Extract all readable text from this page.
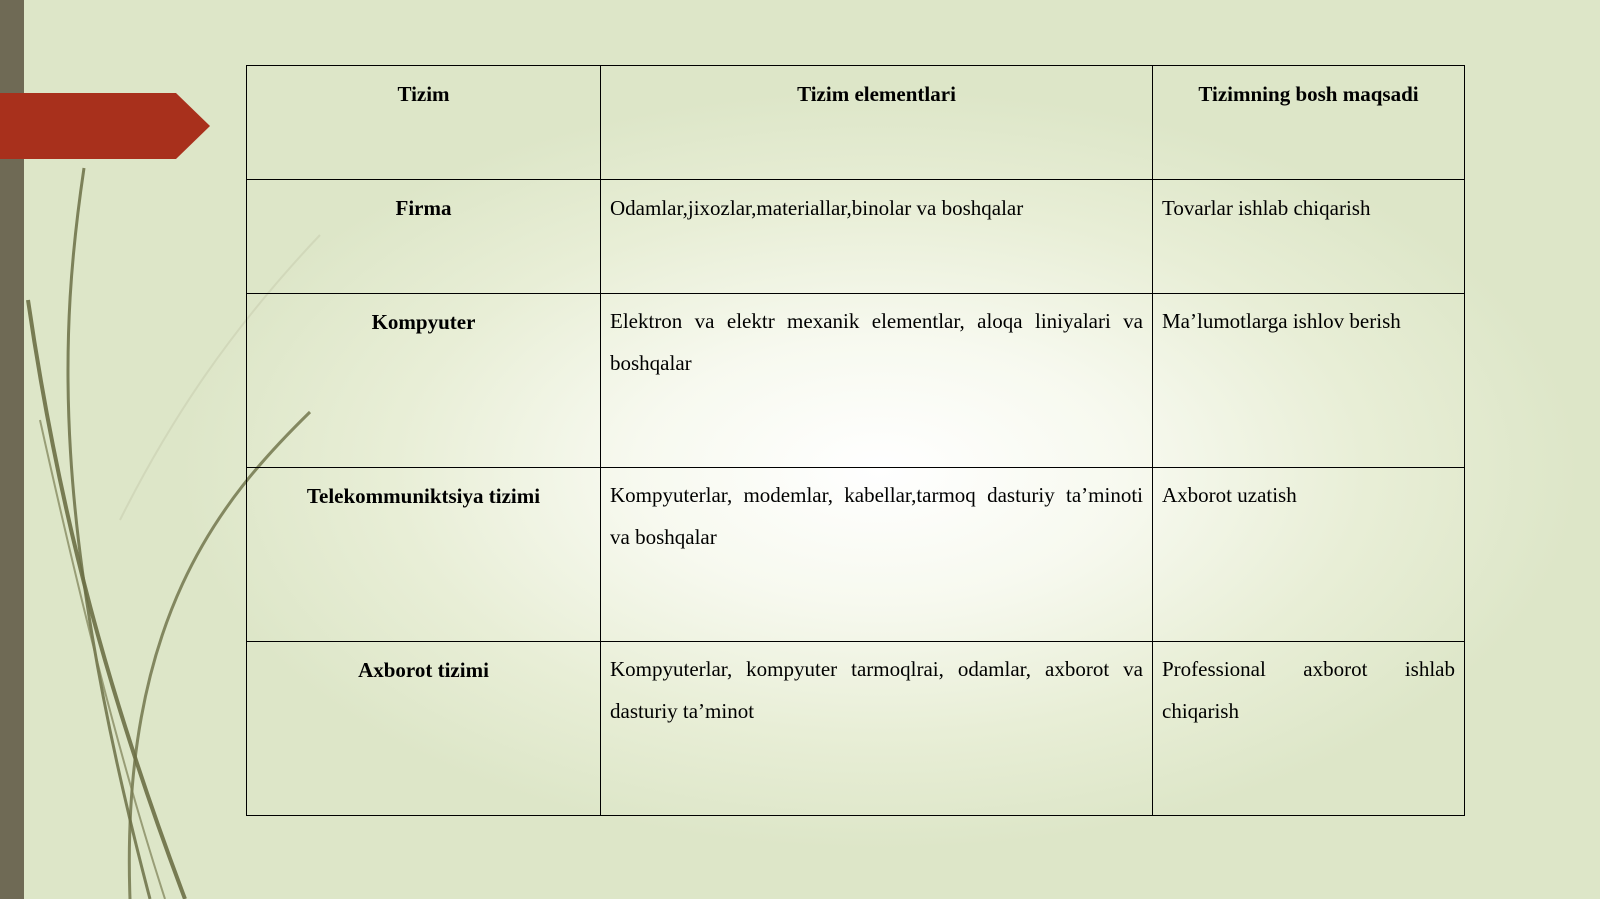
Tizim	Tizim elementlari	Tizimning bosh maqsadi
Firma	Odamlar,jixozlar,materiallar,binolar va boshqalar	Tovarlar ishlab chiqarish
Kompyuter	Elektron va elektr mexanik elementlar, aloqa liniyalari va boshqalar	Ma’lumotlarga ishlov berish
Telekommuniktsiya tizimi	Kompyuterlar, modemlar, kabellar,tarmoq dasturiy ta’minoti va boshqalar	Axborot uzatish
Axborot tizimi	Kompyuterlar, kompyuter tarmoqlrai, odamlar, axborot va dasturiy ta’minot	Professional axborot ishlab chiqarish
